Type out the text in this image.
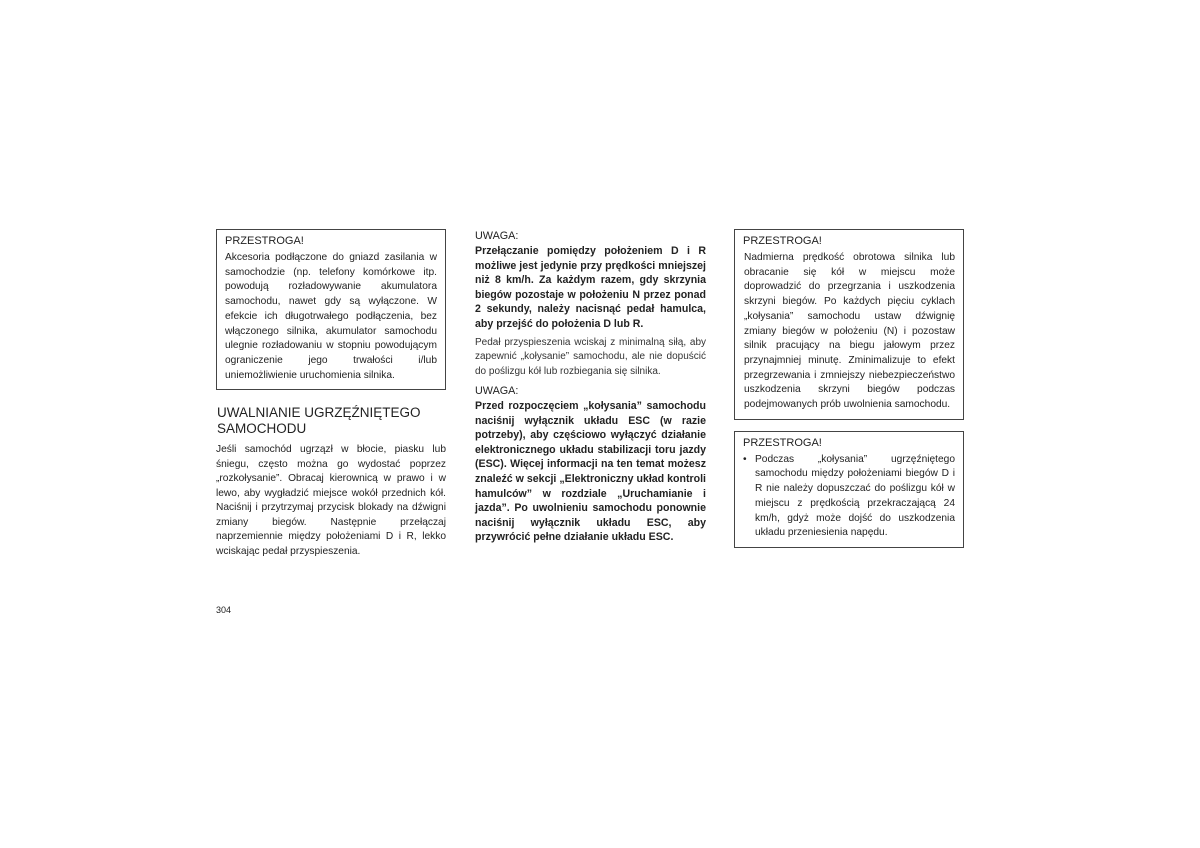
PRZESTROGA!
Akcesoria podłączone do gniazd zasilania w samochodzie (np. telefony komórkowe itp. powodują rozładowywanie akumulatora samochodu, nawet gdy są wyłączone. W efekcie ich długotrwałego podłączenia, bez włączonego silnika, akumulator samochodu ulegnie rozładowaniu w stopniu powodującym ograniczenie jego trwałości i/lub uniemożliwienie uruchomienia silnika.
UWALNIANIE UGRZĘŹNIĘTEGO SAMOCHODU

Jeśli samochód ugrzązł w błocie, piasku lub śniegu, często można go wydostać poprzez „rozkołysanie”. Obracaj kierownicą w prawo i w lewo, aby wygładzić miejsce wokół przednich kół. Naciśnij i przytrzymaj przycisk blokady na dźwigni zmiany biegów. Następnie przełączaj naprzemiennie między położeniami D i R, lekko wciskając pedał przyspieszenia.

UWAGA:

Przełączanie pomiędzy położeniem D i R możliwe jest jedynie przy prędkości mniejszej niż 8 km/h. Za każdym razem, gdy skrzynia biegów pozostaje w położeniu N przez ponad 2 sekundy, należy nacisnąć pedał hamulca, aby przejść do położenia D lub R.

Pedał przyspieszenia wciskaj z minimalną siłą, aby zapewnić „kołysanie” samochodu, ale nie dopuścić do poślizgu kół lub rozbiegania się silnika.

UWAGA:

Przed rozpoczęciem „kołysania” samochodu naciśnij wyłącznik układu ESC (w razie potrzeby), aby częściowo wyłączyć działanie elektronicznego układu stabilizacji toru jazdy (ESC). Więcej informacji na ten temat możesz znaleźć w sekcji „Elektroniczny układ kontroli hamulców” w rozdziale „Uruchamianie i jazda”. Po uwolnieniu samochodu ponownie naciśnij wyłącznik układu ESC, aby przywrócić pełne działanie układu ESC.

PRZESTROGA!
Nadmierna prędkość obrotowa silnika lub obracanie się kół w miejscu może doprowadzić do przegrzania i uszkodzenia skrzyni biegów. Po każdych pięciu cyklach „kołysania” samochodu ustaw dźwignię zmiany biegów w położeniu (N) i pozostaw silnik pracujący na biegu jałowym przez przynajmniej minutę. Zminimalizuje to efekt przegrzewania i zmniejszy niebezpieczeństwo uszkodzenia skrzyni biegów podczas podejmowanych prób uwolnienia samochodu.
PRZESTROGA!
• Podczas „kołysania” ugrzęźniętego samochodu między położeniami biegów D i R nie należy dopuszczać do poślizgu kół w miejscu z prędkością przekraczającą 24 km/h, gdyż może dojść do uszkodzenia układu przeniesienia napędu.
304
